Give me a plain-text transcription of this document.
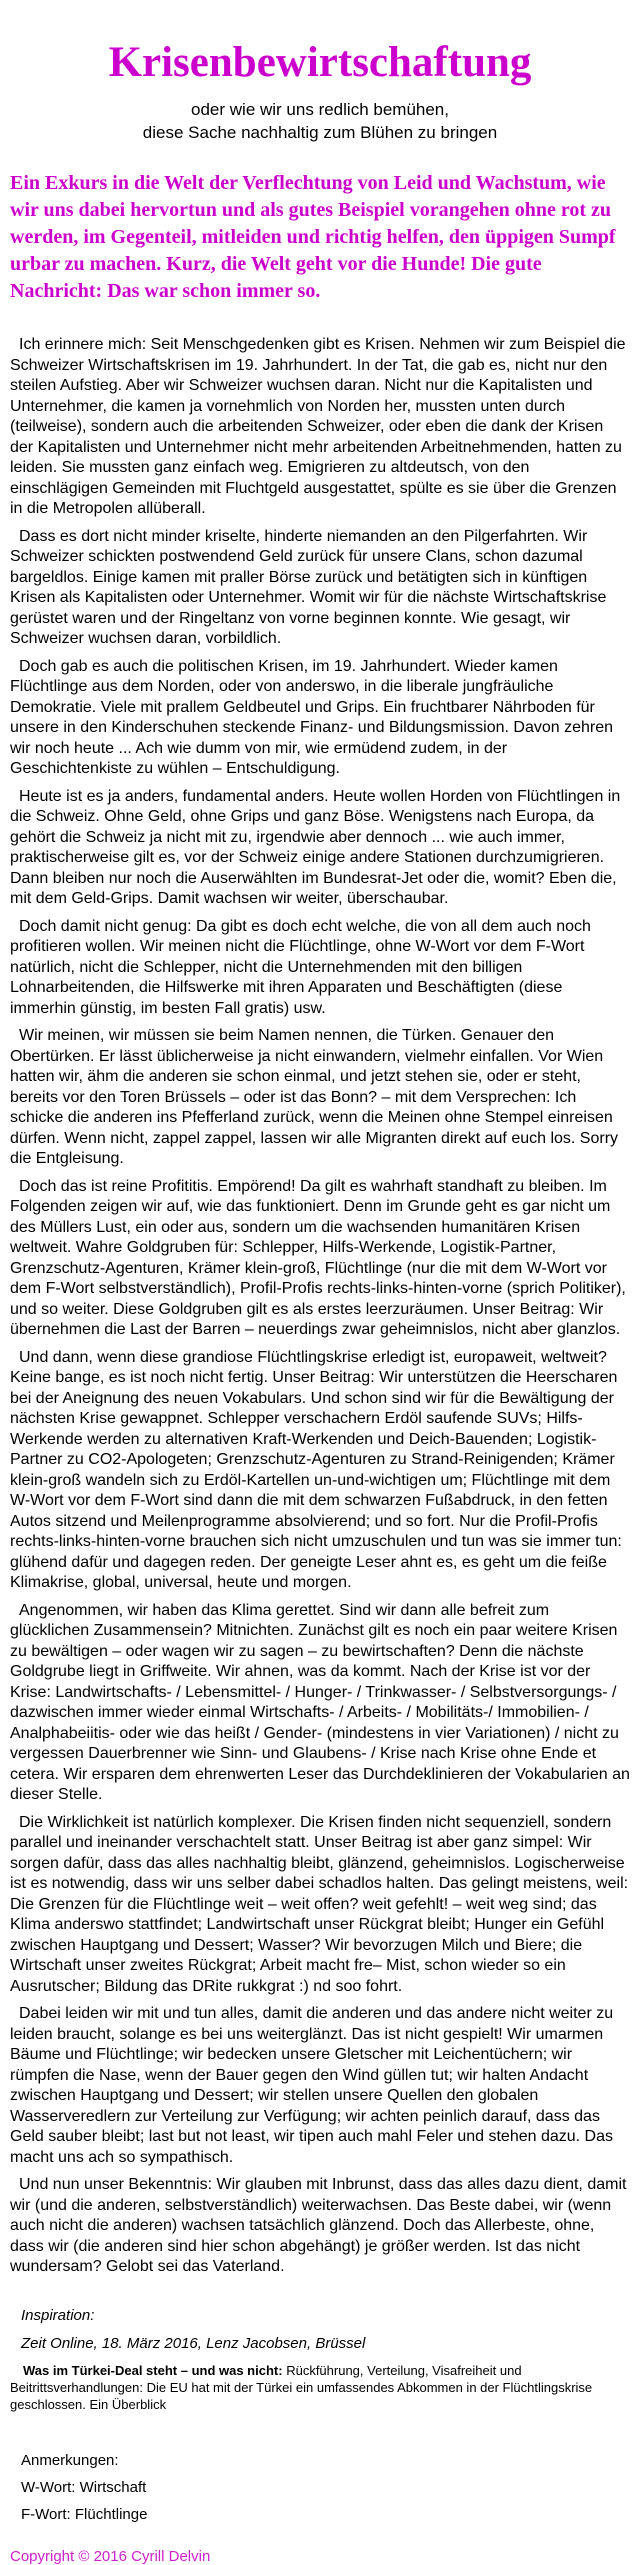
Krisenbewirtschaftung

oder wie wir uns redlich bemühen,
diese Sache nachhaltig zum Blühen zu bringen

Ein Exkurs in die Welt der Verflechtung von Leid und Wachstum, wie wir uns dabei hervortun und als gutes Beispiel vorangehen ohne rot zu werden, im Gegenteil, mitleiden und richtig helfen, den üppigen Sumpf urbar zu machen. Kurz, die Welt geht vor die Hunde! Die gute Nachricht: Das war schon immer so.

Ich erinnere mich: Seit Menschgedenken gibt es Krisen. Nehmen wir zum Beispiel die Schweizer Wirtschaftskrisen im 19. Jahrhundert. In der Tat, die gab es, nicht nur den steilen Aufstieg. Aber wir Schweizer wuchsen daran. Nicht nur die Kapitalisten und Unternehmer, die kamen ja vornehmlich von Norden her, mussten unten durch (teilweise), sondern auch die arbeitenden Schweizer, oder eben die dank der Krisen der Kapitalisten und Unternehmer nicht mehr arbeitenden Arbeitnehmenden, hatten zu leiden. Sie mussten ganz einfach weg. Emigrieren zu altdeutsch, von den einschlägigen Gemeinden mit Fluchtgeld ausgestattet, spülte es sie über die Grenzen in die Metropolen allüberall.

Dass es dort nicht minder kriselte, hinderte niemanden an den Pilgerfahrten. Wir Schweizer schickten postwendend Geld zurück für unsere Clans, schon dazumal bargeldlos. Einige kamen mit praller Börse zurück und betätigten sich in künftigen Krisen als Kapitalisten oder Unternehmer. Womit wir für die nächste Wirtschaftskrise gerüstet waren und der Ringeltanz von vorne beginnen konnte. Wie gesagt, wir Schweizer wuchsen daran, vorbildlich.

Doch gab es auch die politischen Krisen, im 19. Jahrhundert. Wieder kamen Flüchtlinge aus dem Norden, oder von anderswo, in die liberale jungfräuliche Demokratie. Viele mit prallem Geldbeutel und Grips. Ein fruchtbarer Nährboden für unsere in den Kinderschuhen steckende Finanz- und Bildungsmission. Davon zehren wir noch heute ... Ach wie dumm von mir, wie ermüdend zudem, in der Geschichtenkiste zu wühlen – Entschuldigung.

Heute ist es ja anders, fundamental anders. Heute wollen Horden von Flüchtlingen in die Schweiz. Ohne Geld, ohne Grips und ganz Böse. Wenigstens nach Europa, da gehört die Schweiz ja nicht mit zu, irgendwie aber dennoch ... wie auch immer, praktischerweise gilt es, vor der Schweiz einige andere Stationen durchzumigrieren. Dann bleiben nur noch die Auserwählten im Bundesrat-Jet oder die, womit? Eben die, mit dem Geld-Grips. Damit wachsen wir weiter, überschaubar.

Doch damit nicht genug: Da gibt es doch echt welche, die von all dem auch noch profitieren wollen. Wir meinen nicht die Flüchtlinge, ohne W-Wort vor dem F-Wort natürlich, nicht die Schlepper, nicht die Unternehmenden mit den billigen Lohnarbeitenden, die Hilfswerke mit ihren Apparaten und Beschäftigten (diese immerhin günstig, im besten Fall gratis) usw.

Wir meinen, wir müssen sie beim Namen nennen, die Türken. Genauer den Obertürken. Er lässt üblicherweise ja nicht einwandern, vielmehr einfallen. Vor Wien hatten wir, ähm die anderen sie schon einmal, und jetzt stehen sie, oder er steht, bereits vor den Toren Brüssels – oder ist das Bonn? – mit dem Versprechen: Ich schicke die anderen ins Pfefferland zurück, wenn die Meinen ohne Stempel einreisen dürfen. Wenn nicht, zappel zappel, lassen wir alle Migranten direkt auf euch los. Sorry die Entgleisung.

Doch das ist reine Profititis. Empörend! Da gilt es wahrhaft standhaft zu bleiben. Im Folgenden zeigen wir auf, wie das funktioniert. Denn im Grunde geht es gar nicht um des Müllers Lust, ein oder aus, sondern um die wachsenden humanitären Krisen weltweit. Wahre Goldgruben für: Schlepper, Hilfs-Werkende, Logistik-Partner, Grenzschutz-Agenturen, Krämer klein-groß, Flüchtlinge (nur die mit dem W-Wort vor dem F-Wort selbstverständlich), Profil-Profis rechts-links-hinten-vorne (sprich Politiker), und so weiter. Diese Goldgruben gilt es als erstes leerzuräumen. Unser Beitrag: Wir übernehmen die Last der Barren – neuerdings zwar geheimnislos, nicht aber glanzlos.

Und dann, wenn diese grandiose Flüchtlingskrise erledigt ist, europaweit, weltweit? Keine bange, es ist noch nicht fertig. Unser Beitrag: Wir unterstützen die Heerscharen bei der Aneignung des neuen Vokabulars. Und schon sind wir für die Bewältigung der nächsten Krise gewappnet. Schlepper verschachern Erdöl saufende SUVs; Hilfs-Werkende werden zu alternativen Kraft-Werkenden und Deich-Bauenden; Logistik-Partner zu CO2-Apologeten; Grenzschutz-Agenturen zu Strand-Reinigenden; Krämer klein-groß wandeln sich zu Erdöl-Kartellen un-und-wichtigen um; Flüchtlinge mit dem W-Wort vor dem F-Wort sind dann die mit dem schwarzen Fußabdruck, in den fetten Autos sitzend und Meilenprogramme absolvierend; und so fort. Nur die Profil-Profis rechts-links-hinten-vorne brauchen sich nicht umzuschulen und tun was sie immer tun: glühend dafür und dagegen reden. Der geneigte Leser ahnt es, es geht um die feiße Klimakrise, global, universal, heute und morgen.

Angenommen, wir haben das Klima gerettet. Sind wir dann alle befreit zum glücklichen Zusammensein? Mitnichten. Zunächst gilt es noch ein paar weitere Krisen zu bewältigen – oder wagen wir zu sagen – zu bewirtschaften? Denn die nächste Goldgrube liegt in Griffweite. Wir ahnen, was da kommt. Nach der Krise ist vor der Krise: Landwirtschafts- / Lebensmittel- / Hunger- / Trinkwasser- / Selbstversorgungs- / dazwischen immer wieder einmal Wirtschafts- / Arbeits- / Mobilitäts-/ Immobilien- / Analphabeiitis- oder wie das heißt / Gender- (mindestens in vier Variationen) / nicht zu vergessen Dauerbrenner wie Sinn- und Glaubens- / Krise nach Krise ohne Ende et cetera. Wir ersparen dem ehrenwerten Leser das Durchdeklinieren der Vokabularien an dieser Stelle.

Die Wirklichkeit ist natürlich komplexer. Die Krisen finden nicht sequenziell, sondern parallel und ineinander verschachtelt statt. Unser Beitrag ist aber ganz simpel: Wir sorgen dafür, dass das alles nachhaltig bleibt, glänzend, geheimnislos. Logischerweise ist es notwendig, dass wir uns selber dabei schadlos halten. Das gelingt meistens, weil: Die Grenzen für die Flüchtlinge weit – weit offen? weit gefehlt! – weit weg sind; das Klima anderswo stattfindet; Landwirtschaft unser Rückgrat bleibt; Hunger ein Gefühl zwischen Hauptgang und Dessert; Wasser? Wir bevorzugen Milch und Biere; die Wirtschaft unser zweites Rückgrat; Arbeit macht fre– Mist, schon wieder so ein Ausrutscher; Bildung das DRite rukkgrat :) nd soo fohrt.

Dabei leiden wir mit und tun alles, damit die anderen und das andere nicht weiter zu leiden braucht, solange es bei uns weiterglänzt. Das ist nicht gespielt! Wir umarmen Bäume und Flüchtlinge; wir bedecken unsere Gletscher mit Leichentüchern; wir rümpfen die Nase, wenn der Bauer gegen den Wind güllen tut; wir halten Andacht zwischen Hauptgang und Dessert; wir stellen unsere Quellen den globalen Wasserveredlern zur Verteilung zur Verfügung; wir achten peinlich darauf, dass das Geld sauber bleibt; last but not least, wir tipen auch mahl Feler und stehen dazu. Das macht uns ach so sympathisch.

Und nun unser Bekenntnis: Wir glauben mit Inbrunst, dass das alles dazu dient, damit wir (und die anderen, selbstverständlich) weiterwachsen. Das Beste dabei, wir (wenn auch nicht die anderen) wachsen tatsächlich glänzend. Doch das Allerbeste, ohne, dass wir (die anderen sind hier schon abgehängt) je größer werden. Ist das nicht wundersam? Gelobt sei das Vaterland.

Inspiration:

Zeit Online, 18. März 2016, Lenz Jacobsen, Brüssel

Was im Türkei-Deal steht – und was nicht: Rückführung, Verteilung, Visafreiheit und Beitrittsverhandlungen: Die EU hat mit der Türkei ein umfassendes Abkommen in der Flüchtlingskrise geschlossen. Ein Überblick

Anmerkungen:

W-Wort: Wirtschaft

F-Wort: Flüchtlinge

Copyright © 2016 Cyrill Delvin
